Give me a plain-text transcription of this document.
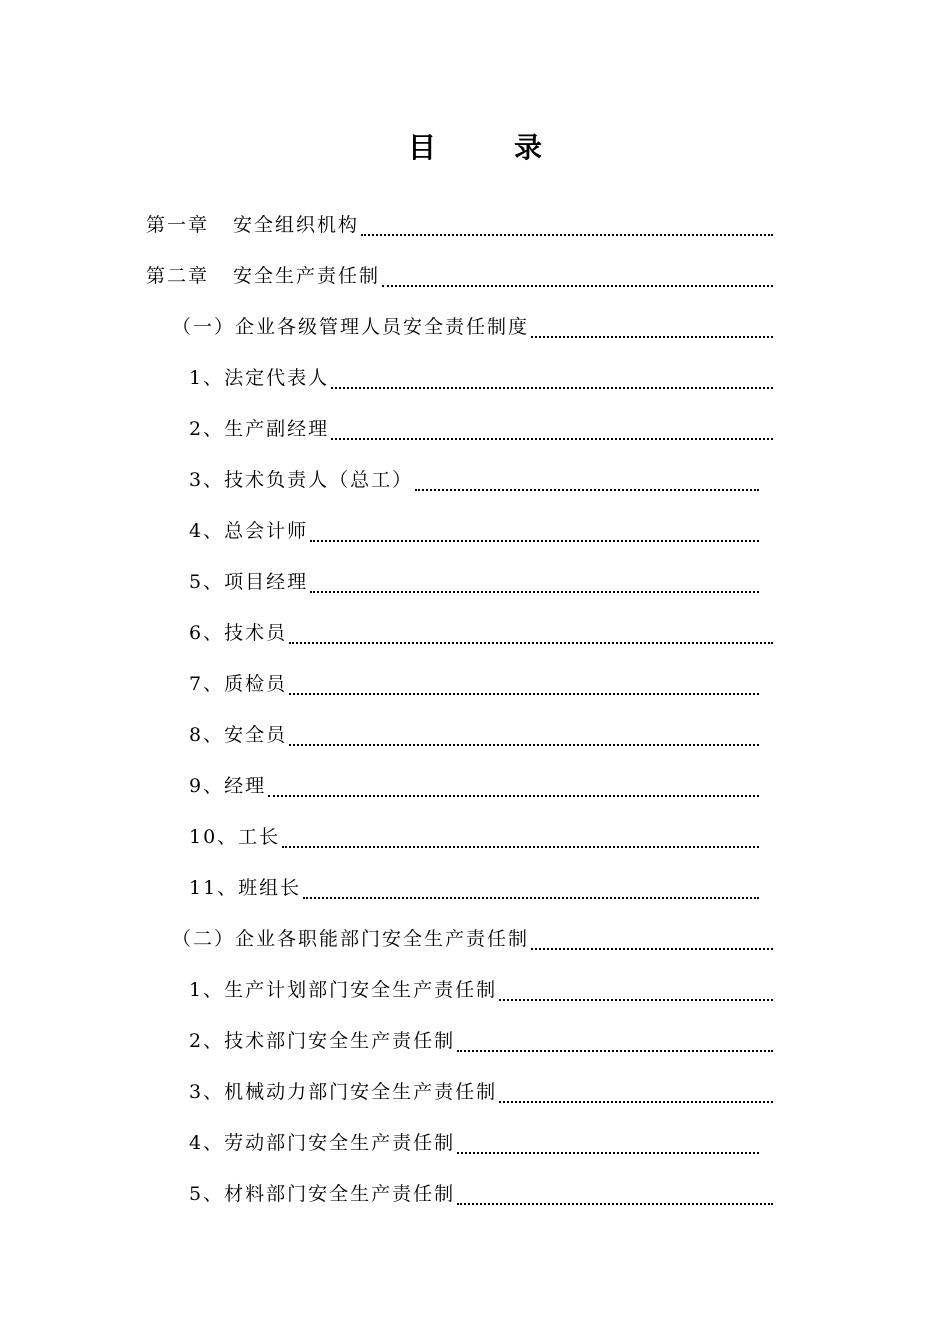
目录
第一章 安全组织机构
第二章 安全生产责任制
（一）企业各级管理人员安全责任制度
1、法定代表人
2、生产副经理
3、技术负责人（总工）
4、总会计师
5、项目经理
6、技术员
7、质检员
8、安全员
9、经理
10、工长
11、班组长
（二）企业各职能部门安全生产责任制
1、生产计划部门安全生产责任制
2、技术部门安全生产责任制
3、机械动力部门安全生产责任制
4、劳动部门安全生产责任制
5、材料部门安全生产责任制
